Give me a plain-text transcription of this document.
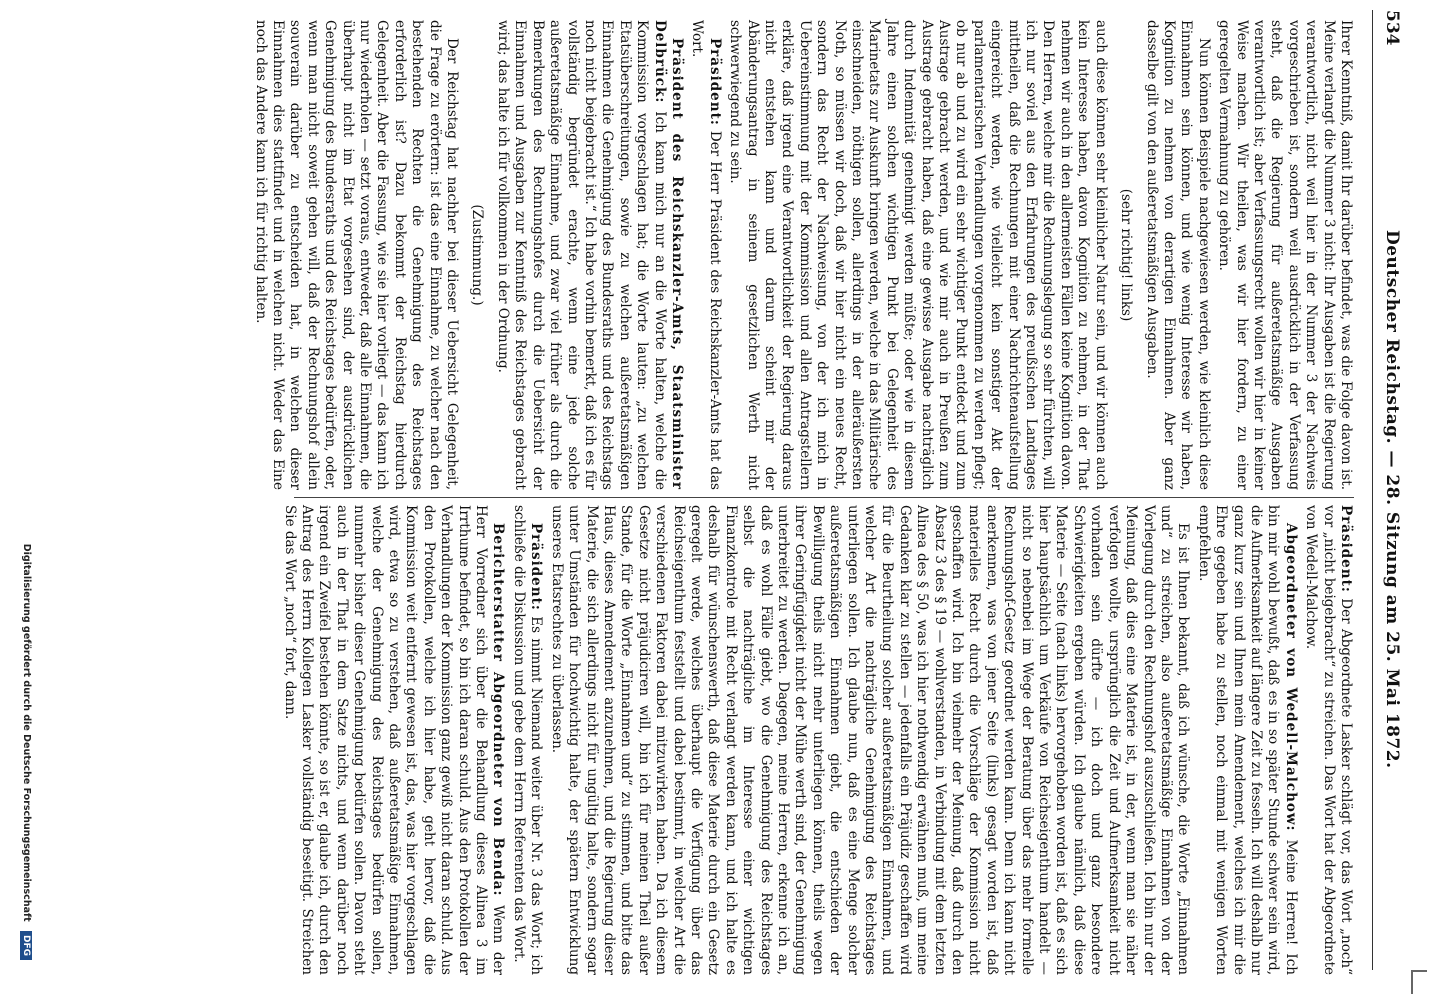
534
Deutscher Reichstag. — 28. Sitzung am 25. Mai 1872.

Ihrer Kenntniß, damit Ihr darüber befindet, was die Folge davon ist. Meine verlangt die Nummer 3 nicht: Ihr Ausgaben ist die Regierung verantwortlich, nicht weil hier in der Nummer 3 der Nachweis vorgeschrieben ist, sondern weil ausdrücklich in der Verfassung steht, daß die Regierung für außeretatsmäßige Ausgaben verantwortlich ist; aber Verfassungsrecht wollen wir hier in keiner Weise machen. Wir theilen, was wir hier fordern, zu einer geregelten Vermahnung zu gehören.

Nun können Beispiele nachgewiesen werden, wie kleinlich diese Einnahmen sein können, und wie wenig Interesse wir haben, Kognition zu nehmen von derartigen Einnahmen. Aber ganz dasselbe gilt von den außeretatsmäßigen Ausgaben.

(sehr richtig! links)

auch diese können sehr kleinlicher Natur sein, und wir können auch kein Interesse haben, davon Kognition zu nehmen, in der That nehmen wir auch in den allermeisten Fällen keine Kognition davon. Den Herren, welche mir die Rechnungslegung so sehr fürchten, will ich nur soviel aus den Erfahrungen des preußischen Landtages mittheilen, daß die Rechnungen mit einer Nachrichtenaufstellung eingereicht werden, wie vielleicht kein sonstiger Akt der parlamentarischen Verhandlungen vorgenommen zu werden pflegt; ob nur ab und zu wird ein sehr wichtiger Punkt entdeckt und zum Austrage gebracht werden, und wie mir auch in Preußen zum Austrage gebracht haben, daß eine gewisse Ausgabe nachträglich durch Indemnität genehmigt werden müßte; oder wie in diesem Jahre einen solchen wichtigen Punkt bei Gelegenheit des Marinetats zur Auskunft bringen werden, welche in das Militärische einschneiden, nöthigen sollen, allerdings in der alleräußersten Noth, so müssen wir doch, daß wir hier nicht ein neues Recht, sondern das Recht der Nachweisung, von der ich mich in Uebereinstimmung mit der Kommission und allen Antragstellern erkläre, daß irgend eine Verantwortlichkeit der Regierung daraus nicht entstehen kann und darum scheint mir der Abänderungsantrag in seinem gesetzlichen Werth nicht schwerwiegend zu sein.

Präsident: Der Herr Präsident des Reichskanzler-Amts hat das Wort.

Präsident des Reichskanzler-Amts, Staatsminister Delbrück: Ich kann mich nur an die Worte halten, welche die Kommission vorgeschlagen hat; die Worte lauten: „zu welchen Etatsüberschreitungen, sowie zu welchen außeretatsmäßigen Einnahmen die Genehmigung des Bundesraths und des Reichstags noch nicht beigebracht ist.“ Ich habe vorhin bemerkt, daß ich es für vollständig begründet erachte, wenn eine jede solche außeretatsmäßige Einnahme, und zwar viel früher als durch die Bemerkungen des Rechnungshofes durch die Uebersicht der Einnahmen und Ausgaben zur Kenntniß des Reichstages gebracht wird; das halte ich für vollkommen in der Ordnung.

(Zustimmung.)

Der Reichstag hat nachher bei dieser Uebersicht Gelegenheit, die Frage zu erörtern: ist das eine Einnahme, zu welcher nach den bestehenden Rechten die Genehmigung des Reichstages erforderlich ist? Dazu bekommt der Reichstag hierdurch Gelegenheit. Aber die Fassung, wie sie hier vorliegt — das kann ich nur wiederholen — setzt voraus, entweder, daß alle Einnahmen, die überhaupt nicht im Etat vorgesehen sind, der ausdrücklichen Genehmigung des Bundesraths und des Reichstages bedürfen, oder, wenn man nicht soweit gehen will, daß der Rechnungshof allein souverain darüber zu entscheiden hat, in welchen dieser Einnahmen dies stattfindet und in welchen nicht. Weder das Eine noch das Andere kann ich für richtig halten.

Präsident: Der Abgeordnete Lasker schlägt vor, das Wort „noch“ vor „nicht beigebracht“ zu streichen. Das Wort hat der Abgeordnete von Wedell-Malchow.

Abgeordneter von Wedell-Malchow: Meine Herren! Ich bin mir wohl bewußt, daß es in so später Stunde schwer sein wird, die Aufmerksamkeit auf längere Zeit zu fesseln. Ich will deshalb nur ganz kurz sein und Ihnen mein Amendement, welches ich mir die Ehre gegeben habe zu stellen, noch einmal mit wenigen Worten empfehlen.

Es ist Ihnen bekannt, daß ich wünsche, die Worte „Einnahmen und“ zu streichen, also außeretatsmäßige Einnahmen von der Vorlegung durch den Rechnungshof auszuschließen. Ich bin nur der Meinung, daß dies eine Materie ist, in der, wenn man sie näher verfolgen wollte, ursprünglich die Zeit und Aufmerksamkeit nicht vorhanden sein dürfte — ich doch und ganz besondere Schwierigkeiten ergeben würden. Ich glaube nämlich, daß diese Materie — Seite (nach links) hervorgehoben worden ist, daß es sich hier hauptsächlich um Verkäufe von Reichseigenthum handelt — nicht so nebenbei im Wege der Beratung über das mehr formelle Rechnungshof-Gesetz geordnet werden kann. Denn ich kann nicht anerkennen, was von jener Seite (links) gesagt worden ist, daß materielles Recht durch die Vorschläge der Kommission nicht geschaffen wird. Ich bin vielmehr der Meinung, daß durch den Absatz 3 des § 19 — wohlverstanden, in Verbindung mit dem letzten Alinea des § 50, was ich hier nothwendig erwähnen muß, um meine Gedanken klar zu stellen — jedenfalls ein Präjudiz geschaffen wird für die Beurtheilung solcher außeretatsmäßigen Einnahmen, und welcher Art die nachträgliche Genehmigung des Reichstages unterliegen sollen. Ich glaube nun, daß es eine Menge solcher außeretatsmäßigen Einnahmen giebt, die entschieden der Bewilligung theils nicht mehr unterliegen können, theils wegen ihrer Geringfügigkeit nicht der Mühe werth sind, der Genehmigung unterbreitet zu werden. Dagegen, meine Herren, erkenne ich an, daß es wohl Fälle giebt, wo die Genehmigung des Reichstages selbst die nachträgliche im Interesse einer wichtigen Finanzkontrole mit Recht verlangt werden kann, und ich halte es deshalb für wünschenswerth, daß diese Materie durch ein Gesetz geregelt werde, welches überhaupt die Verfügung über das Reichseigenthum feststellt und dabei bestimmt, in welcher Art die verschiedenen Faktoren dabei mitzuwirken haben. Da ich diesem Gesetze nicht präjudiciren will, bin ich für meinen Theil außer Stande, für die Worte „Einnahmen und“ zu stimmen, und bitte das Haus, dieses Amendement anzunehmen, und die Regierung dieser Materie, die sich allerdings nicht für ungültig halte, sondern sogar unter Umständen für hochwichtig halte, der spätern Entwicklung unseres Etatsrechtes zu überlassen.

Präsident: Es nimmt Niemand weiter über Nr. 3 das Wort; ich schließe die Diskussion und gebe dem Herrn Referenten das Wort.

Berichterstatter Abgeordneter von Benda: Wenn der Herr Vorredner sich über die Behandlung dieses Alinea 3 im Irrthume befindet, so bin ich daran schuld. Aus den Protokollen der Verhandlungen der Kommission ganz gewiß nicht daran schuld. Aus den Protokollen, welche ich hier habe, geht hervor, daß die Kommission weit entfernt gewesen ist, das, was hier vorgeschlagen wird, etwa so zu verstehen, daß außeretatsmäßige Einnahmen, welche der Genehmigung des Reichstages bedürfen sollen, nunmehr bisher dieser Genehmigung bedürfen sollen. Davon steht auch in der That in dem Satze nichts, und wenn darüber noch irgend ein Zweifel bestehen könnte, so ist er, glaube ich, durch den Antrag des Herrn Kollegen Lasker vollständig beseitigt. Streichen Sie das Wort „noch“ fort, dann.

Digitalisierung gefördert durch die Deutsche Forschungsgemeinschaft DFG
